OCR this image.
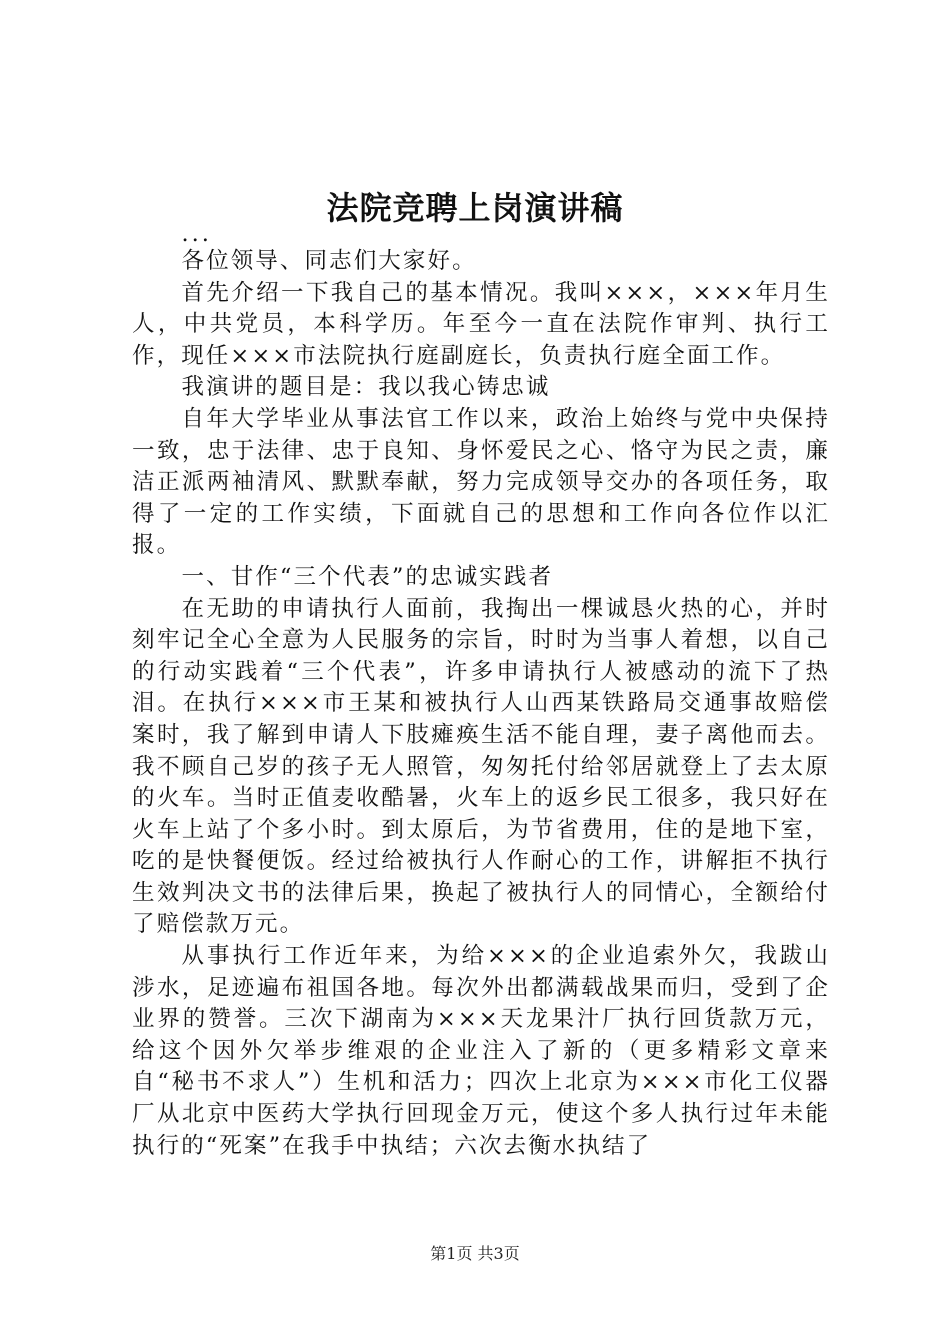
法院竞聘上岗演讲稿

...

各位领导、同志们大家好。

首先介绍一下我自己的基本情况。我叫×××，×××年月生人，中共党员，本科学历。年至今一直在法院作审判、执行工作，现任×××市法院执行庭副庭长，负责执行庭全面工作。

我演讲的题目是：我以我心铸忠诚

自年大学毕业从事法官工作以来，政治上始终与党中央保持一致，忠于法律、忠于良知、身怀爱民之心、恪守为民之责，廉洁正派两袖清风、默默奉献，努力完成领导交办的各项任务，取得了一定的工作实绩，下面就自己的思想和工作向各位作以汇报。

一、甘作“三个代表”的忠诚实践者

在无助的申请执行人面前，我掏出一棵诚恳火热的心，并时刻牢记全心全意为人民服务的宗旨，时时为当事人着想，以自己的行动实践着“三个代表”，许多申请执行人被感动的流下了热泪。在执行×××市王某和被执行人山西某铁路局交通事故赔偿案时，我了解到申请人下肢瘫痪生活不能自理，妻子离他而去。我不顾自己岁的孩子无人照管，匆匆托付给邻居就登上了去太原的火车。当时正值麦收酷暑，火车上的返乡民工很多，我只好在火车上站了个多小时。到太原后，为节省费用，住的是地下室，吃的是快餐便饭。经过给被执行人作耐心的工作，讲解拒不执行生效判决文书的法律后果，换起了被执行人的同情心，全额给付了赔偿款万元。

从事执行工作近年来，为给×××的企业追索外欠，我跋山涉水，足迹遍布祖国各地。每次外出都满载战果而归，受到了企业界的赞誉。三次下湖南为×××天龙果汁厂执行回货款万元，给这个因外欠举步维艰的企业注入了新的（更多精彩文章来自“秘书不求人”）生机和活力；四次上北京为×××市化工仪器厂从北京中医药大学执行回现金万元，使这个多人执行过年未能执行的“死案”在我手中执结；六次去衡水执结了

第1页 共3页
